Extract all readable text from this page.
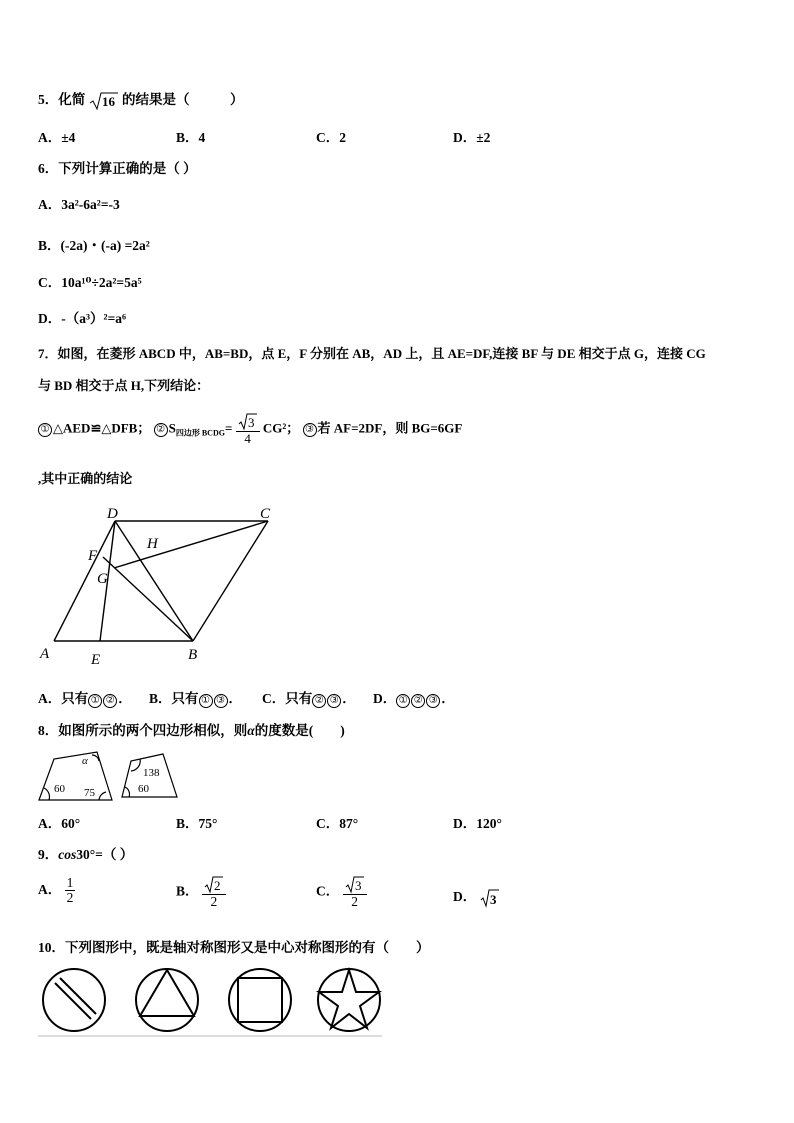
5．化简 16 的结果是（　　　）
A．±4	B．4	C．2	D．±2
6．下列计算正确的是（ ）
A．3a²-6a²=-3
B．(-2a)・(-a) =2a²
C．10a¹⁰÷2a²=5a⁵
D．-（a³）²=a⁶
7．如图，在菱形 ABCD 中，AB=BD，点 E，F 分别在 AB，AD 上，且 AE=DF,连接 BF 与 DE 相交于点 G，连接 CG
与 BD 相交于点 H,下列结论：
① △AED≌△DFB； ② $S_{四边形 BCDG}= \frac{3}{4} CG^2$； ③ 若 AF=2DF，则 BG=6GF
,其中正确的结论
D	C
H
F
G
A	E	B
A．只有 ① ② ． B．只有 ① ③ ． C．只有 ② ③ ． D． ① ② ③ ．
8．如图所示的两个四边形相似，则α的度数是(　　)
α
60 75
138
60
A．60°	B．75°	C．87°	D．120°
9．cos30°=（ ）
A． $\frac{1}{2}$	B． $\frac{2}{2}$	C． $\frac{3}{2}$	D． 3
10．下列图形中，既是轴对称图形又是中心对称图形的有（　　）
